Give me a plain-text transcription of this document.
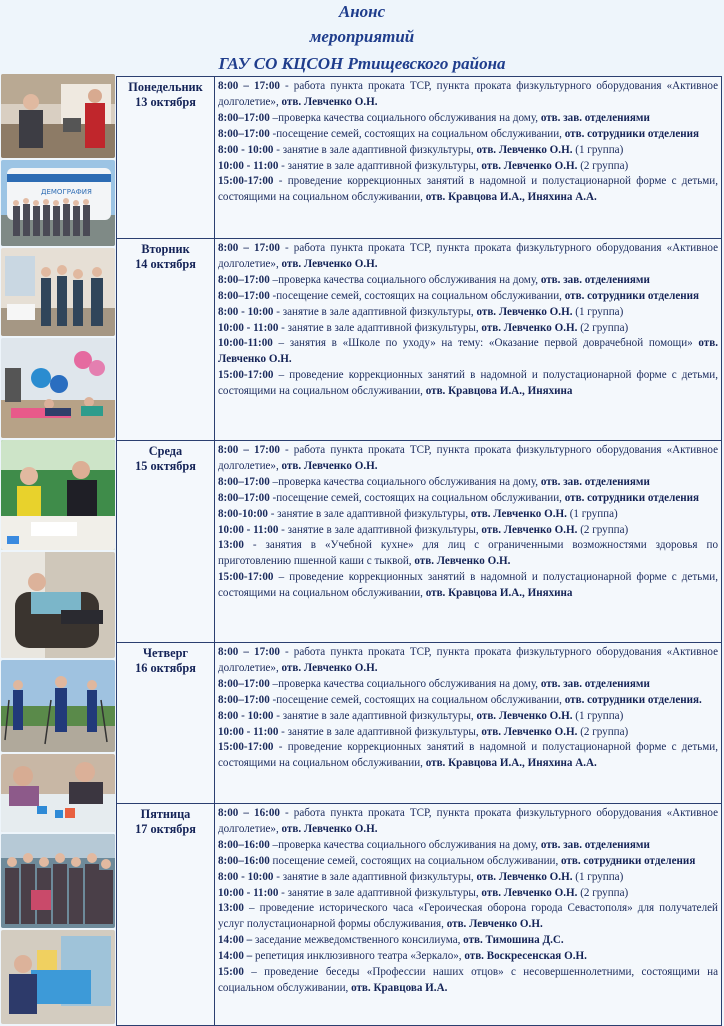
Анонс
мероприятий
ГАУ СО КЦСОН Ртищевского района
ДЕМОГРАФИЯ
Понедельник
13 октября
8:00 – 17:00 - работа пункта проката ТСР, пункта проката физкультурного оборудования «Активное долголетие», отв. Левченко О.Н.
8:00–17:00 –проверка качества социального обслуживания на дому, отв. зав. отделениями
8:00–17:00 -посещение семей, состоящих на социальном обслуживании, отв. сотрудники отделения
8:00 - 10:00 - занятие в зале адаптивной физкультуры, отв. Левченко О.Н. (1 группа)
10:00 - 11:00 - занятие в зале адаптивной физкультуры, отв. Левченко О.Н. (2 группа)
15:00-17:00 - проведение коррекционных занятий в надомной и полустационарной форме с детьми, состоящими на социальном обслуживании, отв. Кравцова И.А., Иняхина А.А.
Вторник
14 октября
8:00 – 17:00 - работа пункта проката ТСР, пункта проката физкультурного оборудования «Активное долголетие», отв. Левченко О.Н.
8:00–17:00 –проверка качества социального обслуживания на дому, отв. зав. отделениями
8:00–17:00 -посещение семей, состоящих на социальном обслуживании, отв. сотрудники отделения
8:00 - 10:00 - занятие в зале адаптивной физкультуры, отв. Левченко О.Н. (1 группа)
10:00 - 11:00 - занятие в зале адаптивной физкультуры, отв. Левченко О.Н. (2 группа)
10:00-11:00 – занятия в «Школе по уходу» на тему: «Оказание первой доврачебной помощи» отв. Левченко О.Н.
15:00-17:00 – проведение коррекционных занятий в надомной и полустационарной форме с детьми, состоящими на социальном обслуживании, отв. Кравцова И.А., Иняхина
Среда
15 октября
8:00 – 17:00 - работа пункта проката ТСР, пункта проката физкультурного оборудования «Активное долголетие», отв. Левченко О.Н.
8:00–17:00 –проверка качества социального обслуживания на дому, отв. зав. отделениями
8:00–17:00 -посещение семей, состоящих на социальном обслуживании, отв. сотрудники отделения
8:00-10:00 - занятие в зале адаптивной физкультуры, отв. Левченко О.Н. (1 группа)
10:00 - 11:00 - занятие в зале адаптивной физкультуры, отв. Левченко О.Н. (2 группа)
13:00 - занятия в «Учебной кухне» для лиц с ограниченными возможностями здоровья по приготовлению пшенной каши с тыквой, отв. Левченко О.Н.
15:00-17:00 – проведение коррекционных занятий в надомной и полустационарной форме с детьми, состоящими на социальном обслуживании, отв. Кравцова И.А., Иняхина
Четверг
16 октября
8:00 – 17:00 - работа пункта проката ТСР, пункта проката физкультурного оборудования «Активное долголетие», отв. Левченко О.Н.
8:00–17:00 –проверка качества социального обслуживания на дому, отв. зав. отделениями
8:00–17:00 -посещение семей, состоящих на социальном обслуживании, отв. сотрудники отделения.
8:00 - 10:00 - занятие в зале адаптивной физкультуры, отв. Левченко О.Н. (1 группа)
10:00 - 11:00 - занятие в зале адаптивной физкультуры, отв. Левченко О.Н. (2 группа)
15:00-17:00 - проведение коррекционных занятий в надомной и полустационарной форме с детьми, состоящими на социальном обслуживании, отв. Кравцова И.А., Иняхина А.А.
Пятница
17 октября
8:00 – 16:00 - работа пункта проката ТСР, пункта проката физкультурного оборудования «Активное долголетие», отв. Левченко О.Н.
8:00–16:00 –проверка качества социального обслуживания на дому, отв. зав. отделениями
8:00–16:00 посещение семей, состоящих на социальном обслуживании, отв. сотрудники отделения
8:00 - 10:00 - занятие в зале адаптивной физкультуры, отв. Левченко О.Н. (1 группа)
10:00 - 11:00 - занятие в зале адаптивной физкультуры, отв. Левченко О.Н. (2 группа)
13:00 – проведение исторического часа «Героическая оборона города Севастополя» для получателей услуг полустационарной формы обслуживания, отв. Левченко О.Н.
14:00 – заседание межведомственного консилиума, отв. Тимошина Д.С.
14:00 – репетиция инклюзивного театра «Зеркало», отв. Воскресенская О.Н.
15:00 – проведение беседы «Профессии наших отцов» с несовершеннолетними, состоящими на социальном обслуживании, отв. Кравцова И.А.
